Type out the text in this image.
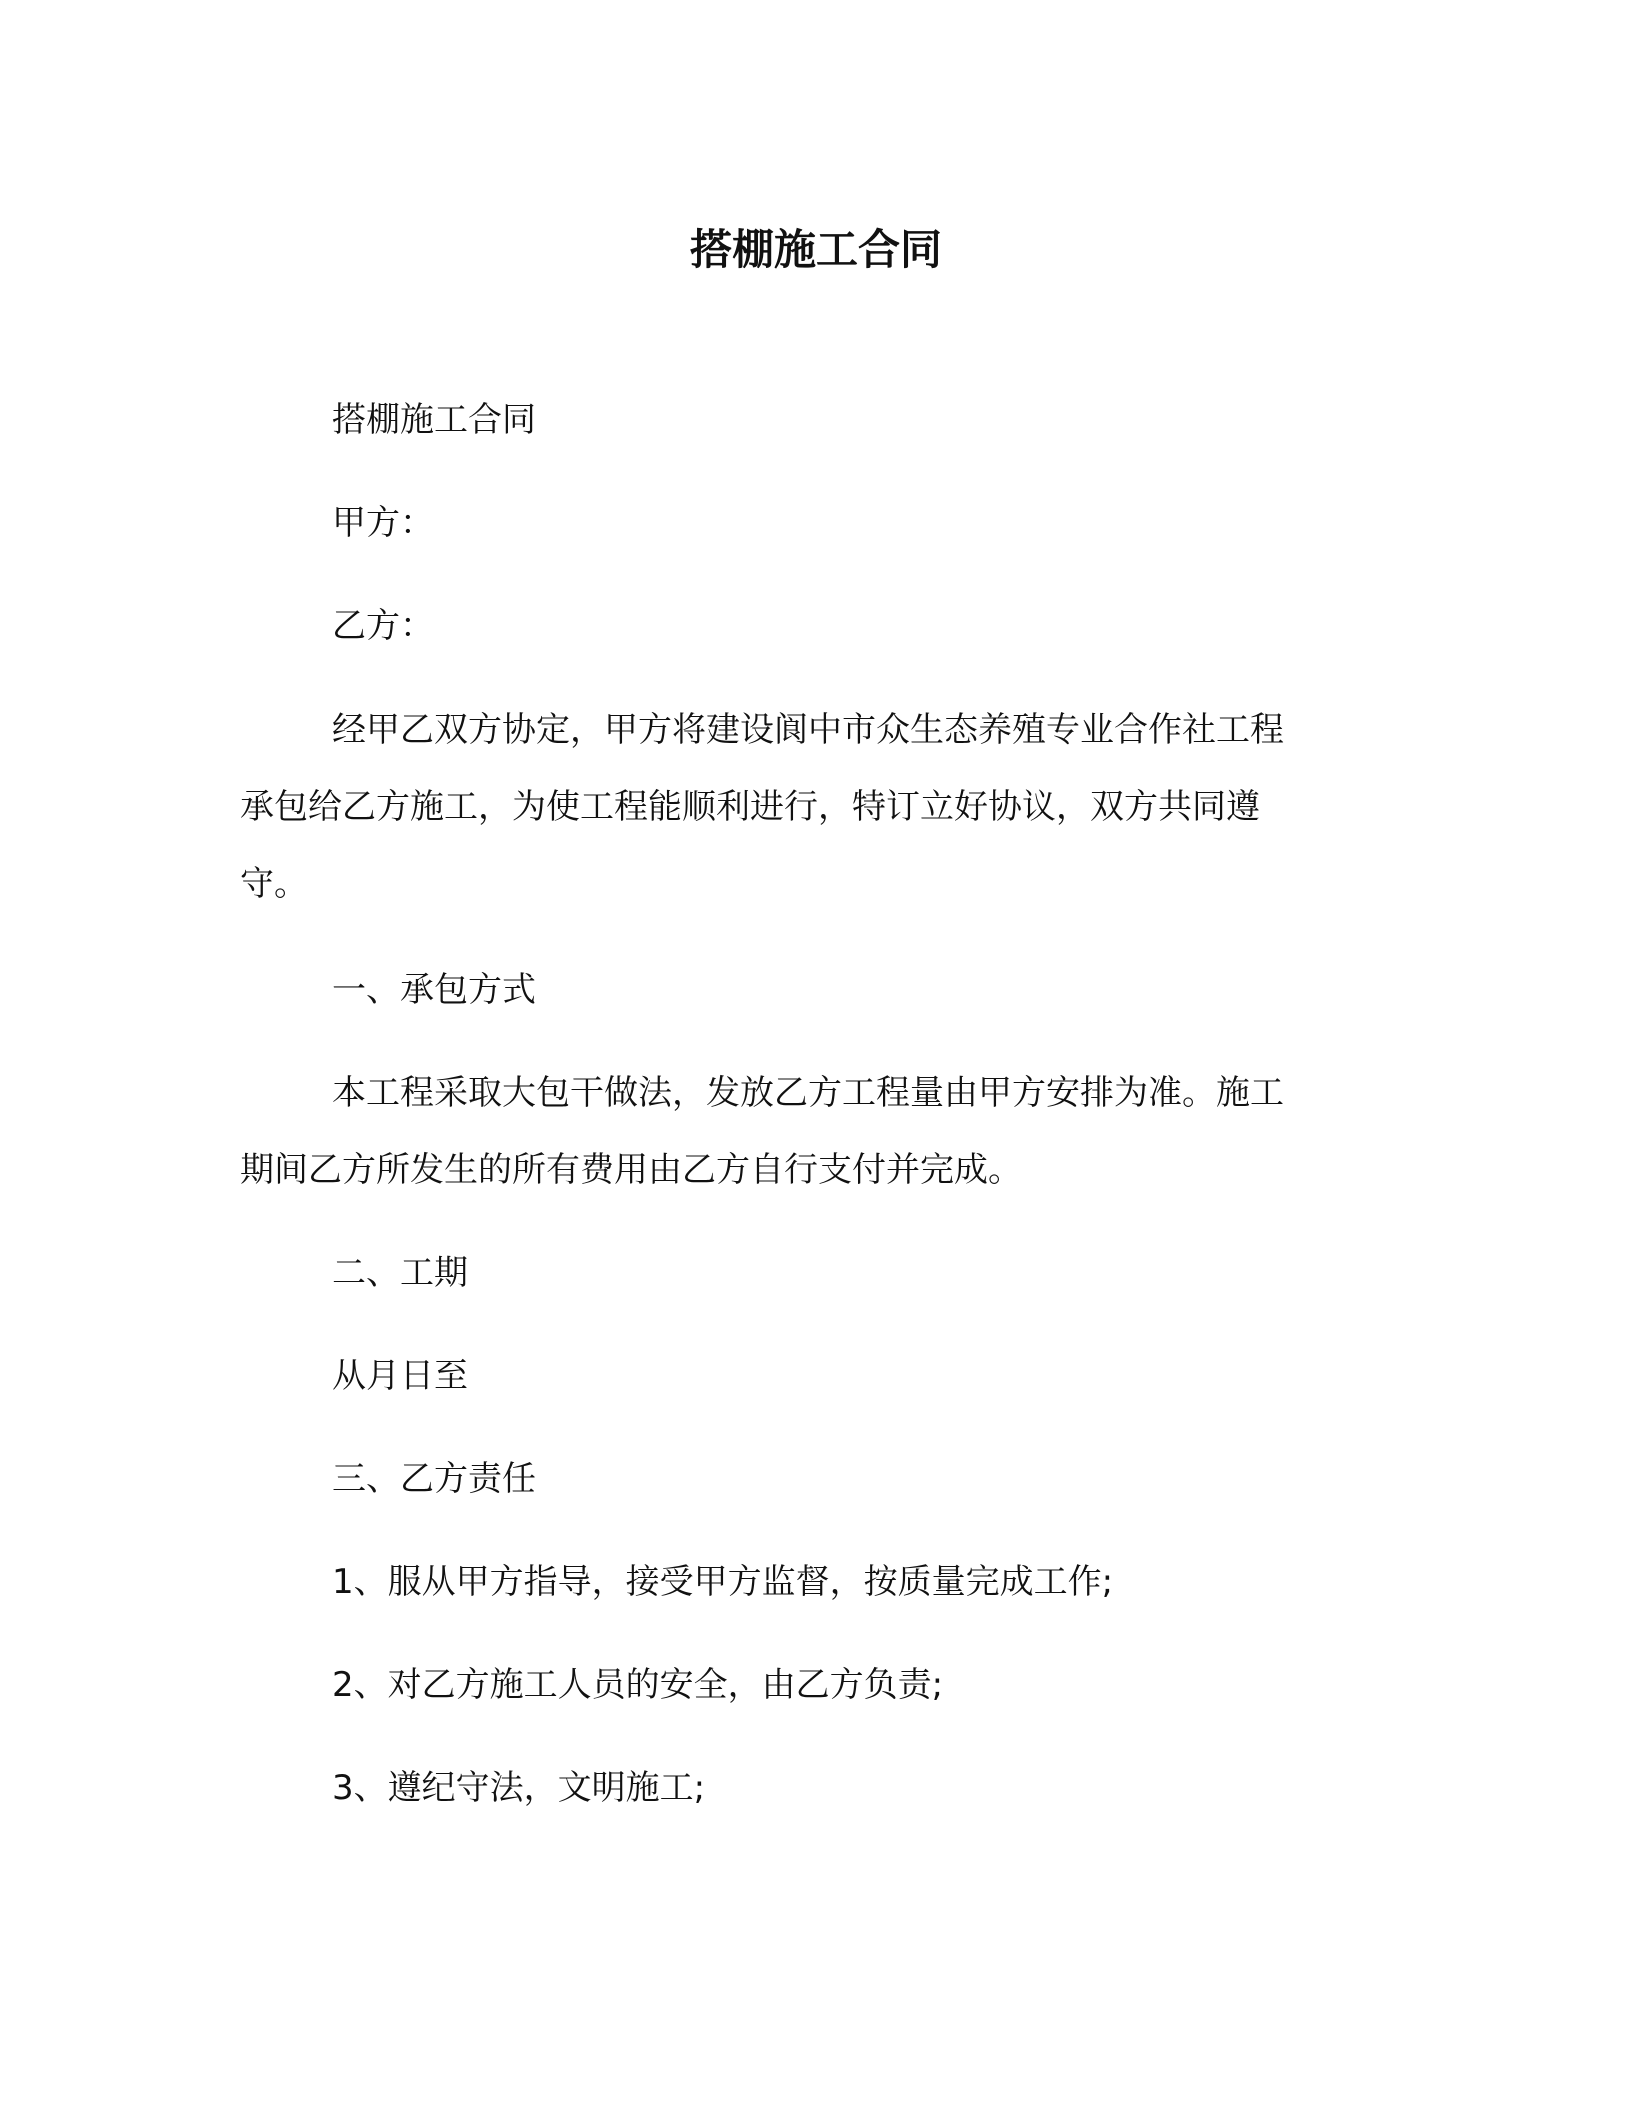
搭棚施工合同
搭棚施工合同
甲方：
乙方：
经甲乙双方协定，甲方将建设阆中市众生态养殖专业合作社工程
承包给乙方施工，为使工程能顺利进行，特订立好协议，双方共同遵
守。
一、承包方式
本工程采取大包干做法，发放乙方工程量由甲方安排为准。施工
期间乙方所发生的所有费用由乙方自行支付并完成。
二、工期
从月日至
三、乙方责任
1、服从甲方指导，接受甲方监督，按质量完成工作;
2、对乙方施工人员的安全，由乙方负责;
3、遵纪守法，文明施工;
